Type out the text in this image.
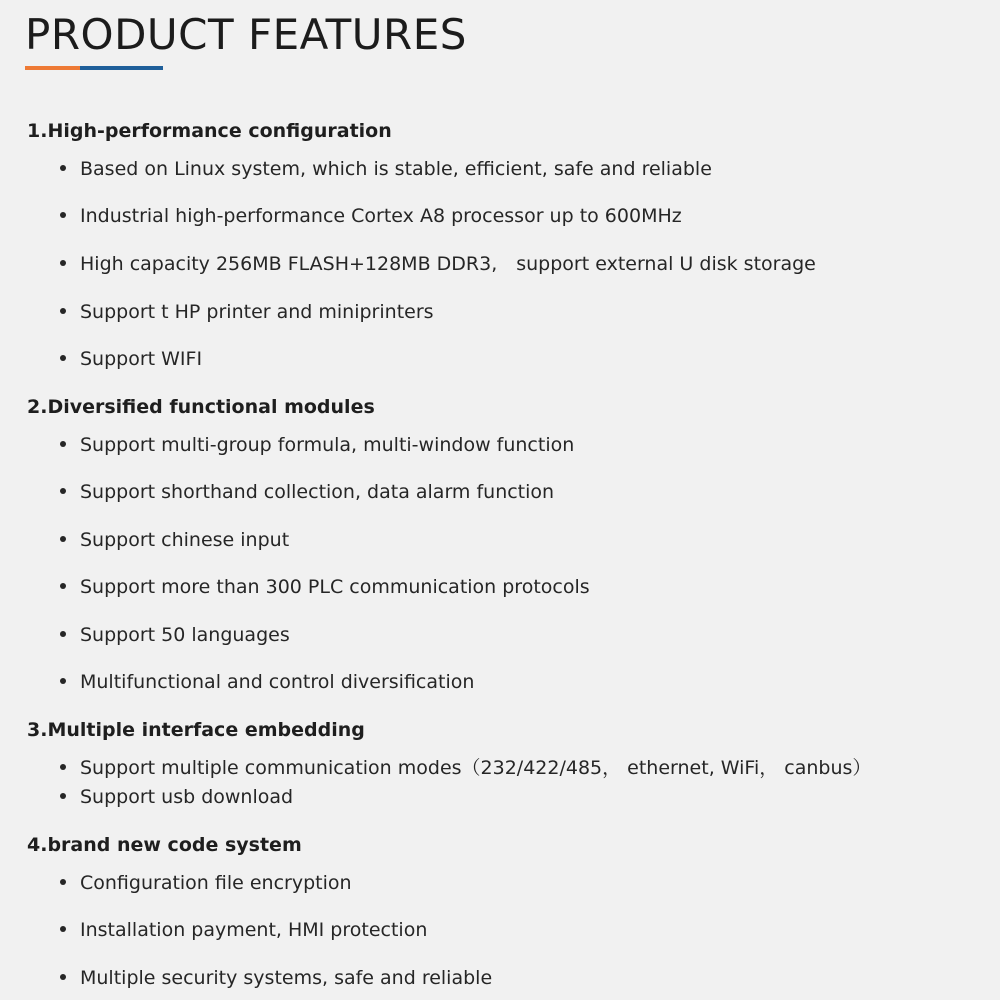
PRODUCT FEATURES
1.High-performance configuration
Based on Linux system, which is stable, efficient, safe and reliable
Industrial high-performance Cortex A8 processor up to 600MHz
High capacity 256MB FLASH+128MB DDR3,　support external U disk storage
Support t HP printer and miniprinters
Support WIFI
2.Diversified functional modules
Support multi-group formula, multi-window function
Support shorthand collection, data alarm function
Support chinese input
Support more than 300 PLC communication protocols
Support 50 languages
Multifunctional and control diversification
3.Multiple interface embedding
Support multiple communication modes（232/422/485， ethernet, WiFi， canbus）
Support usb download
4.brand new code system
Configuration file encryption
Installation payment, HMI protection
Multiple security systems, safe and reliable
